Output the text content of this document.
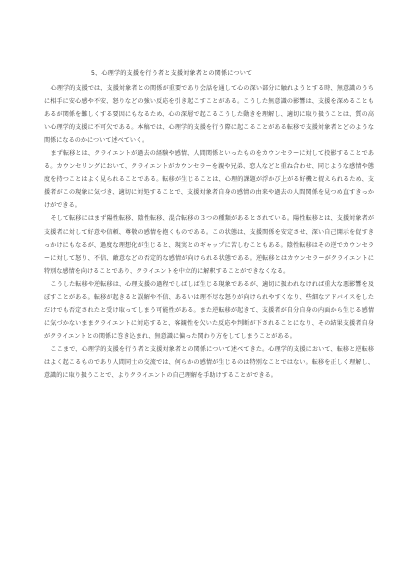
5、心理学的支援を行う者と支援対象者との関係について

心理学的支援では、支援対象者との関係が重要であり会話を通して心の深い部分に触れようとする時、無意識のうちに相手に安心感や不安、怒りなどの強い反応を引き起こすことがある。こうした無意識の影響は、支援を深めることもあるが関係を難しくする要因にもなるため、心の深層で起こるこうした動きを理解し、適切に取り扱うことは、質の高い心理学的支援に不可欠である。本稿では、心理学的支援を行う際に起こることがある転移で支援対象者とどのような関係になるのかについて述べていく。

まず転移とは、クライエントが過去の経験や感情、人間関係といったものをカウンセラーに対して投影することである。カウンセリングにおいて、クライエントがカウンセラーを親や兄弟、恋人などと重ね合わせ、同じような感情や態度を持つことはよく見られることである。転移が生じることは、心理的課題が浮かび上がる好機と捉えられるため、支援者がこの現象に気づき、適切に対処することで、支援対象者自身の感情の由来や過去の人間関係を見つめ直すきっかけができる。

そして転移にはまず陽性転移、陰性転移、混合転移の３つの種類があるとされている。陽性転移とは、支援対象者が支援者に対して好意や信頼、尊敬の感情を抱くものである。この状態は、支援関係を安定させ、深い自己開示を促すきっかけにもなるが、過度な理想化が生じると、現実とのギャップに苦しむこともある。陰性転移はその逆でカウンセラーに対して怒り、不信、敵意などの否定的な感情が向けられる状態である。逆転移とはカウンセラーがクライエントに特別な感情を向けることであり、クライエントを中立的に解釈することができなくなる。

こうした転移や逆転移は、心理支援の過程でしばしば生じる現象であるが、適切に扱われなければ重大な悪影響を及ぼすことがある。転移が起きると誤解や不信、あるいは理不尽な怒りが向けられやすくなり、些細なアドバイスをしただけでも否定されたと受け取ってしまう可能性がある。また逆転移が起きて、支援者が自分自身の内面から生じる感情に気づかないままクライエントに対応すると、客観性を欠いた反応や判断が下されることになり、その結果支援者自身がクライエントとの関係に巻き込まれ、無意識に偏った関わり方をしてしまうことがある。

ここまで、心理学的支援を行う者と支援対象者との関係について述べてきた。心理学的支援において、転移と逆転移はよく起こるものであり人間同士の交流では、何らかの感情が生じるのは特別なことではない。転移を正しく理解し、意識的に取り扱うことで、よりクライエントの自己理解を手助けすることができる。
